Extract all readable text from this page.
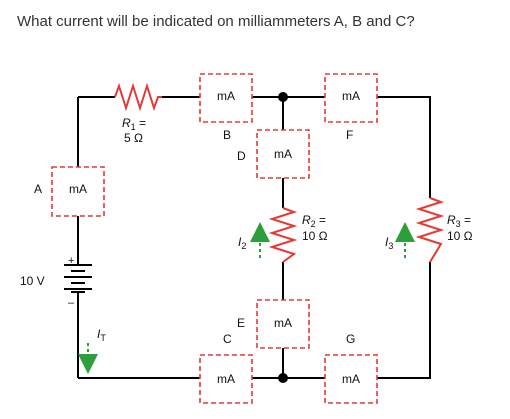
What current will be indicated on milliammeters A, B and C?
mA	mA
mA
mA
mA
mA	mA
A
B
C
D
E
F
G
$R_1$ =
5 Ω
$R_2$ =
10 Ω
$R_3$ =
10 Ω
+
–
10 V
$I_2$	$I_3$
$I_T$
